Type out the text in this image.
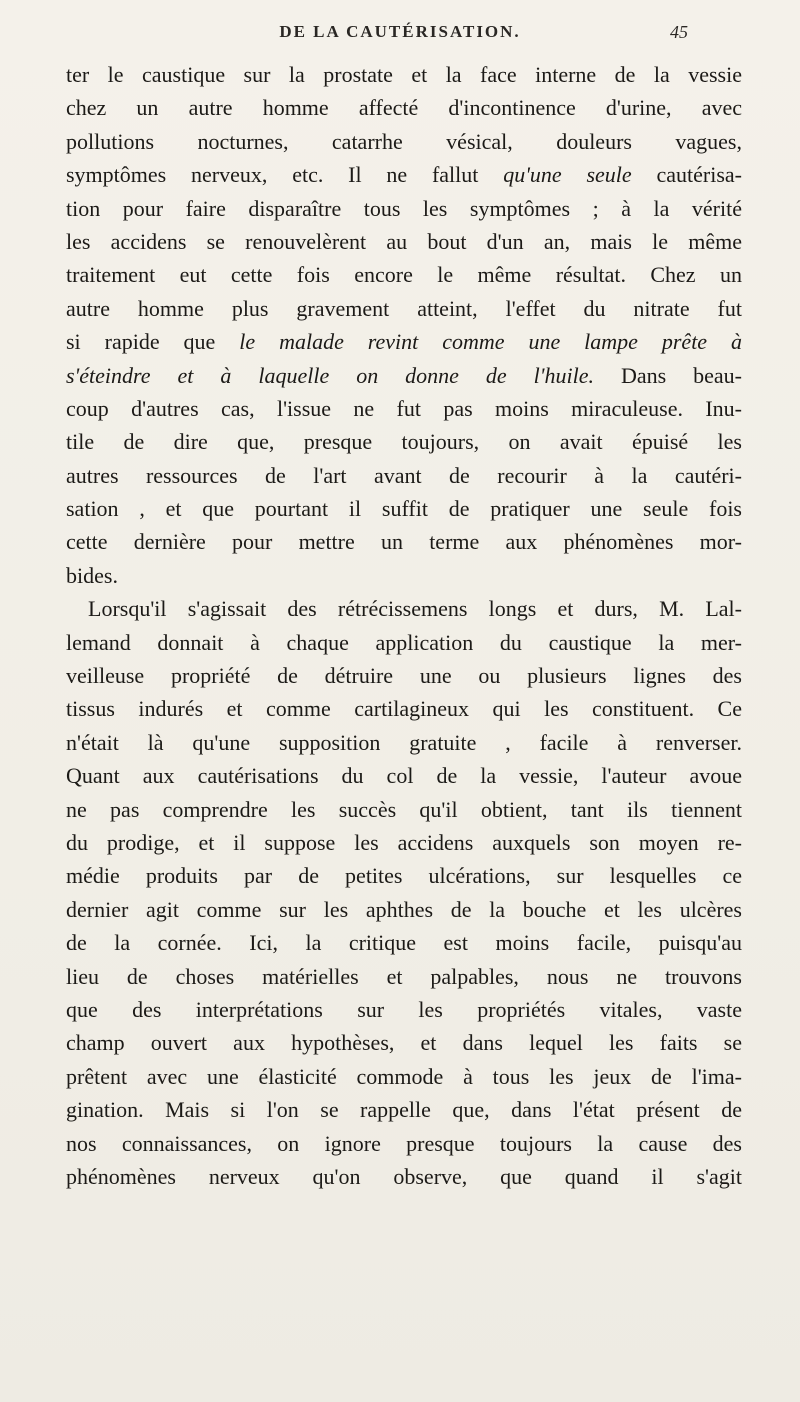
DE LA CAUTÉRISATION.	45
ter le caustique sur la prostate et la face interne de la vessie
chez un autre homme affecté d'incontinence d'urine, avec
pollutions nocturnes, catarrhe vésical, douleurs vagues,
symptômes nerveux, etc. Il ne fallut qu'une seule cautérisa-
tion pour faire disparaître tous les symptômes ; à la vérité
les accidens se renouvelèrent au bout d'un an, mais le même
traitement eut cette fois encore le même résultat. Chez un
autre homme plus gravement atteint, l'effet du nitrate fut
si rapide que le malade revint comme une lampe prête à
s'éteindre et à laquelle on donne de l'huile. Dans beau-
coup d'autres cas, l'issue ne fut pas moins miraculeuse. Inu-
tile de dire que, presque toujours, on avait épuisé les
autres ressources de l'art avant de recourir à la cautéri-
sation , et que pourtant il suffit de pratiquer une seule fois
cette dernière pour mettre un terme aux phénomènes mor-
bides.
Lorsqu'il s'agissait des rétrécissemens longs et durs, M. Lal-
lemand donnait à chaque application du caustique la mer-
veilleuse propriété de détruire une ou plusieurs lignes des
tissus indurés et comme cartilagineux qui les constituent. Ce
n'était là qu'une supposition gratuite , facile à renverser.
Quant aux cautérisations du col de la vessie, l'auteur avoue
ne pas comprendre les succès qu'il obtient, tant ils tiennent
du prodige, et il suppose les accidens auxquels son moyen re-
médie produits par de petites ulcérations, sur lesquelles ce
dernier agit comme sur les aphthes de la bouche et les ulcères
de la cornée. Ici, la critique est moins facile, puisqu'au
lieu de choses matérielles et palpables, nous ne trouvons
que des interprétations sur les propriétés vitales, vaste
champ ouvert aux hypothèses, et dans lequel les faits se
prêtent avec une élasticité commode à tous les jeux de l'ima-
gination. Mais si l'on se rappelle que, dans l'état présent de
nos connaissances, on ignore presque toujours la cause des
phénomènes nerveux qu'on observe, que quand il s'agit
